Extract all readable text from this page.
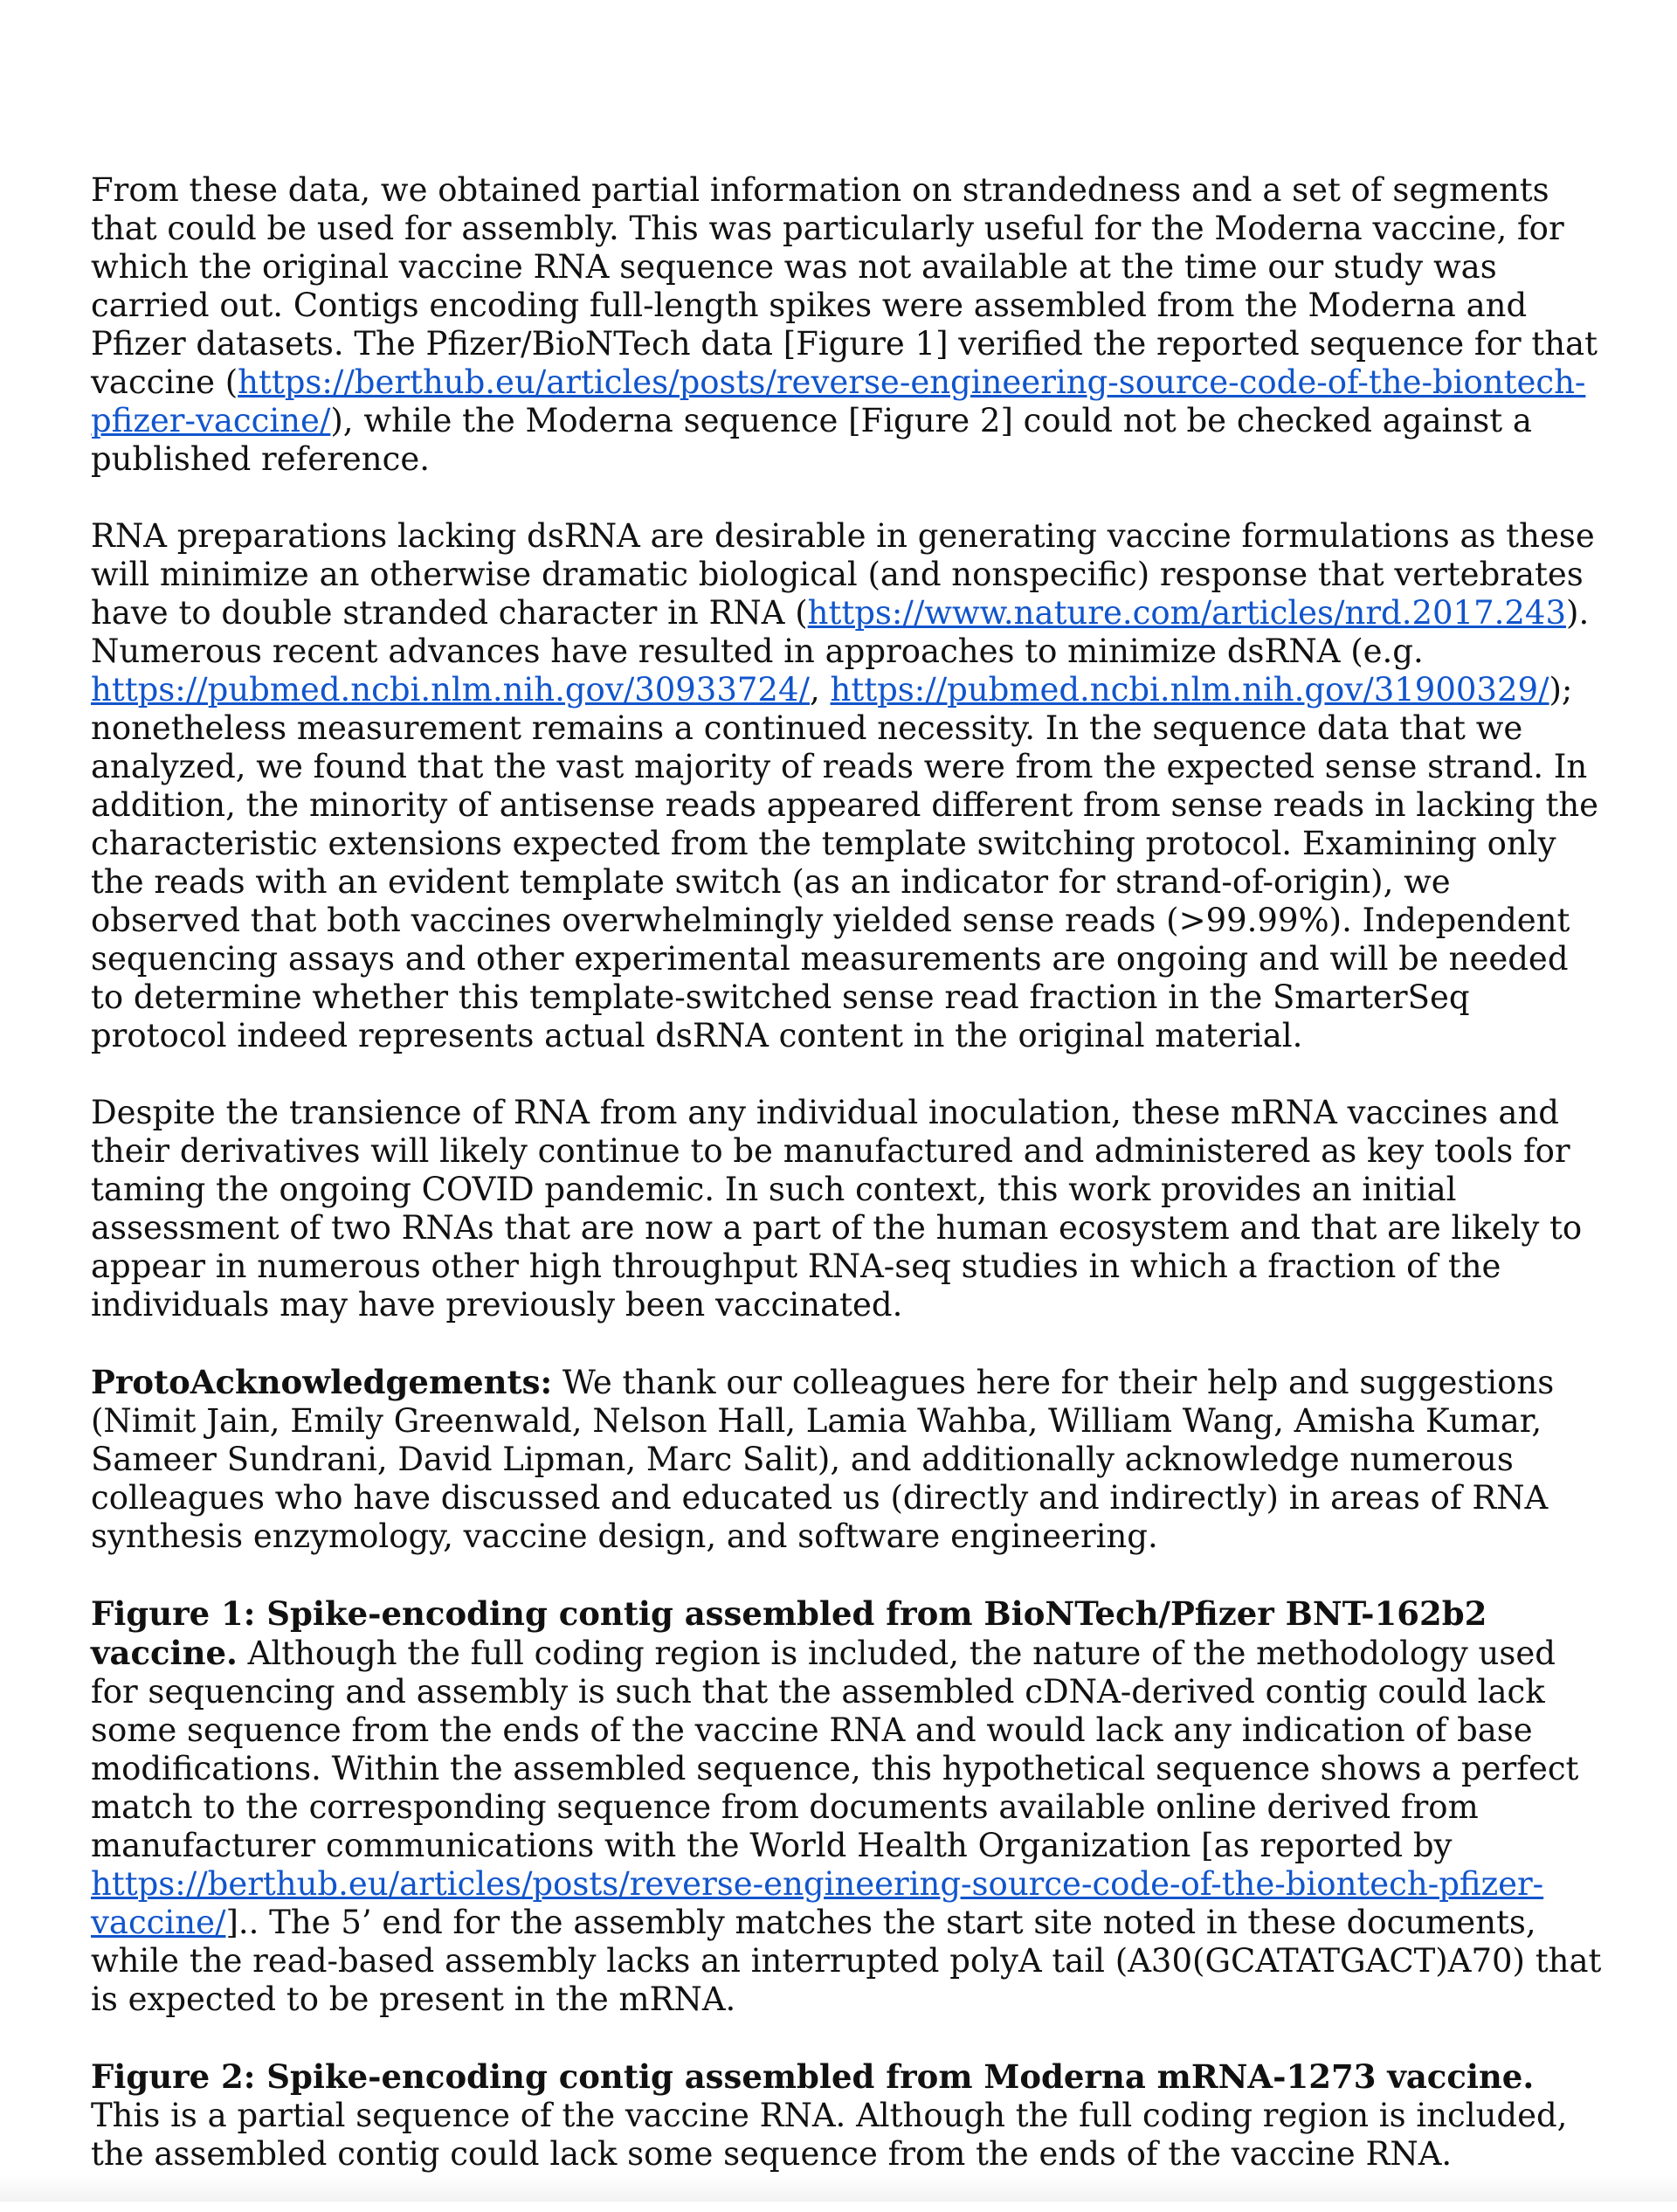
From these data, we obtained partial information on strandedness and a set of segments that could be used for assembly. This was particularly useful for the Moderna vaccine, for which the original vaccine RNA sequence was not available at the time our study was carried out. Contigs encoding full-length spikes were assembled from the Moderna and Pfizer datasets. The Pfizer/BioNTech data [Figure 1] verified the reported sequence for that vaccine (https://berthub.eu/articles/posts/reverse-engineering-source-code-of-the-biontech-pfizer-vaccine/), while the Moderna sequence [Figure 2] could not be checked against a published reference.

RNA preparations lacking dsRNA are desirable in generating vaccine formulations as these will minimize an otherwise dramatic biological (and nonspecific) response that vertebrates have to double stranded character in RNA (https://www.nature.com/articles/nrd.2017.243). Numerous recent advances have resulted in approaches to minimize dsRNA (e.g. https://pubmed.ncbi.nlm.nih.gov/30933724/, https://pubmed.ncbi.nlm.nih.gov/31900329/); nonetheless measurement remains a continued necessity. In the sequence data that we analyzed, we found that the vast majority of reads were from the expected sense strand. In addition, the minority of antisense reads appeared different from sense reads in lacking the characteristic extensions expected from the template switching protocol. Examining only the reads with an evident template switch (as an indicator for strand-of-origin), we observed that both vaccines overwhelmingly yielded sense reads (>99.99%). Independent sequencing assays and other experimental measurements are ongoing and will be needed to determine whether this template-switched sense read fraction in the SmarterSeq protocol indeed represents actual dsRNA content in the original material.

Despite the transience of RNA from any individual inoculation, these mRNA vaccines and their derivatives will likely continue to be manufactured and administered as key tools for taming the ongoing COVID pandemic. In such context, this work provides an initial assessment of two RNAs that are now a part of the human ecosystem and that are likely to appear in numerous other high throughput RNA-seq studies in which a fraction of the individuals may have previously been vaccinated.

ProtoAcknowledgements: We thank our colleagues here for their help and suggestions (Nimit Jain, Emily Greenwald, Nelson Hall, Lamia Wahba, William Wang, Amisha Kumar, Sameer Sundrani, David Lipman, Marc Salit), and additionally acknowledge numerous colleagues who have discussed and educated us (directly and indirectly) in areas of RNA synthesis enzymology, vaccine design, and software engineering.

Figure 1: Spike-encoding contig assembled from BioNTech/Pfizer BNT-162b2 vaccine. Although the full coding region is included, the nature of the methodology used for sequencing and assembly is such that the assembled cDNA-derived contig could lack some sequence from the ends of the vaccine RNA and would lack any indication of base modifications. Within the assembled sequence, this hypothetical sequence shows a perfect match to the corresponding sequence from documents available online derived from manufacturer communications with the World Health Organization [as reported by https://berthub.eu/articles/posts/reverse-engineering-source-code-of-the-biontech-pfizer-vaccine/].. The 5’ end for the assembly matches the start site noted in these documents, while the read-based assembly lacks an interrupted polyA tail (A30(GCATATGACT)A70) that is expected to be present in the mRNA.

Figure 2: Spike-encoding contig assembled from Moderna mRNA-1273 vaccine. This is a partial sequence of the vaccine RNA. Although the full coding region is included, the assembled contig could lack some sequence from the ends of the vaccine RNA.
